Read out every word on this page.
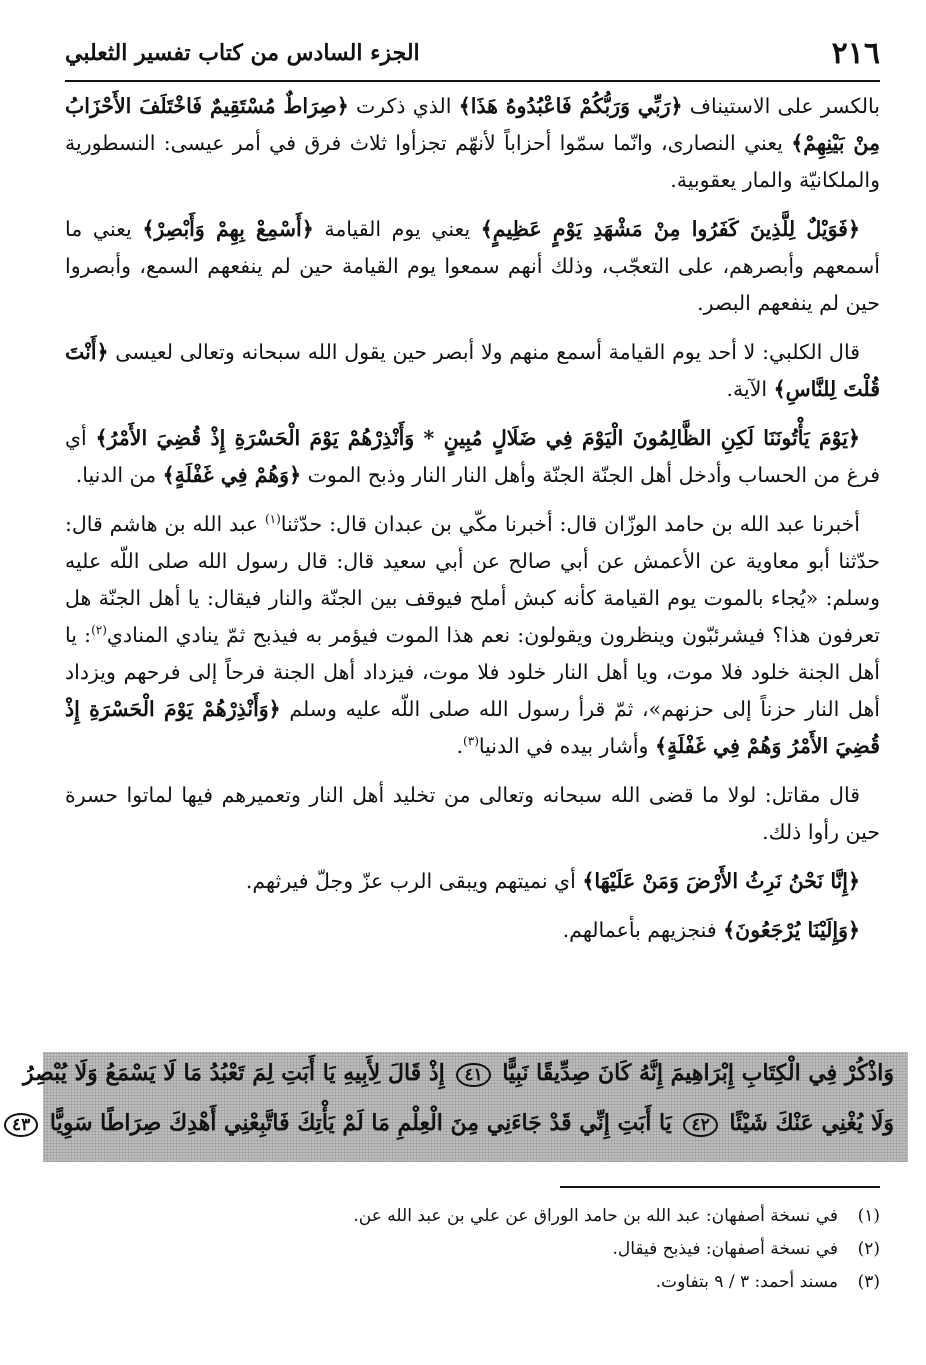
٢١٦
الجزء السادس من كتاب تفسير الثعلبي

بالكسر على الاستيناف ﴿رَبِّي وَرَبُّكُمْ فَاعْبُدُوهُ هَذَا﴾ الذي ذكرت ﴿صِرَاطٌ مُسْتَقِيمٌ فَاخْتَلَفَ الأَحْزَابُ مِنْ بَيْنِهِمْ﴾ يعني النصارى، وانّما سمّوا أحزاباً لأنهّم تجزأوا ثلاث فرق في أمر عيسى: النسطورية والملكانيّة والمار يعقوبية.

﴿فَوَيْلٌ لِلَّذِينَ كَفَرُوا مِنْ مَشْهَدِ يَوْمٍ عَظِيمٍ﴾ يعني يوم القيامة ﴿أَسْمِعْ بِهِمْ وَأَبْصِرْ﴾ يعني ما أسمعهم وأبصرهم، على التعجّب، وذلك أنهم سمعوا يوم القيامة حين لم ينفعهم السمع، وأبصروا حين لم ينفعهم البصر.

قال الكلبي: لا أحد يوم القيامة أسمع منهم ولا أبصر حين يقول الله سبحانه وتعالى لعيسى ﴿أَنْتَ قُلْتَ لِلنَّاسِ﴾ الآية.

﴿يَوْمَ يَأْتُونَنَا لَكِنِ الظَّالِمُونَ الْيَوْمَ فِي ضَلَالٍ مُبِينٍ * وَأَنْذِرْهُمْ يَوْمَ الْحَسْرَةِ إِذْ قُضِيَ الأَمْرُ﴾ أي فرغ من الحساب وأدخل أهل الجنّة الجنّة وأهل النار النار وذبح الموت ﴿وَهُمْ فِي غَفْلَةٍ﴾ من الدنيا.

أخبرنا عبد الله بن حامد الوزّان قال: أخبرنا مكّي بن عبدان قال: حدّثنا$^{(١)}$ عبد الله بن هاشم قال: حدّثنا أبو معاوية عن الأعمش عن أبي صالح عن أبي سعيد قال: قال رسول الله صلى اللّه عليه وسلم: «يُجاء بالموت يوم القيامة كأنه كبش أملح فيوقف بين الجنّة والنار فيقال: يا أهل الجنّة هل تعرفون هذا؟ فيشرئبّون وينظرون ويقولون: نعم هذا الموت فيؤمر به فيذبح ثمّ ينادي المنادي$^{(٢)}$: يا أهل الجنة خلود فلا موت، ويا أهل النار خلود فلا موت، فيزداد أهل الجنة فرحاً إلى فرحهم ويزداد أهل النار حزناً إلى حزنهم»، ثمّ قرأ رسول الله صلى اللّه عليه وسلم ﴿وَأَنْذِرْهُمْ يَوْمَ الْحَسْرَةِ إِذْ قُضِيَ الأَمْرُ وَهُمْ فِي غَفْلَةٍ﴾ وأشار بيده في الدنيا$^{(٣)}$.

قال مقاتل: لولا ما قضى الله سبحانه وتعالى من تخليد أهل النار وتعميرهم فيها لماتوا حسرة حين رأوا ذلك.

﴿إِنَّا نَحْنُ نَرِثُ الأَرْضَ وَمَنْ عَلَيْهَا﴾ أي نميتهم ويبقى الرب عزّ وجلّ فيرثهم.

﴿وَإِلَيْنَا يُرْجَعُونَ﴾ فنجزيهم بأعمالهم.

وَاذْكُرْ فِي الْكِتَابِ إِبْرَاهِيمَ إِنَّهُ كَانَ صِدِّيقًا نَبِيًّا ٤١ إِذْ قَالَ لِأَبِيهِ يَا أَبَتِ لِمَ تَعْبُدُ مَا لَا يَسْمَعُ وَلَا يُبْصِرُ
وَلَا يُغْنِي عَنْكَ شَيْئًا ٤٢ يَا أَبَتِ إِنِّي قَدْ جَاءَنِي مِنَ الْعِلْمِ مَا لَمْ يَأْتِكَ فَاتَّبِعْنِي أَهْدِكَ صِرَاطًا سَوِيًّا ٤٣
(١)في نسخة أصفهان: عبد الله بن حامد الوراق عن علي بن عبد الله عن.
(٢)في نسخة أصفهان: فيذبح فيقال.
(٣)مسند أحمد: ٣ / ٩ بتفاوت.
